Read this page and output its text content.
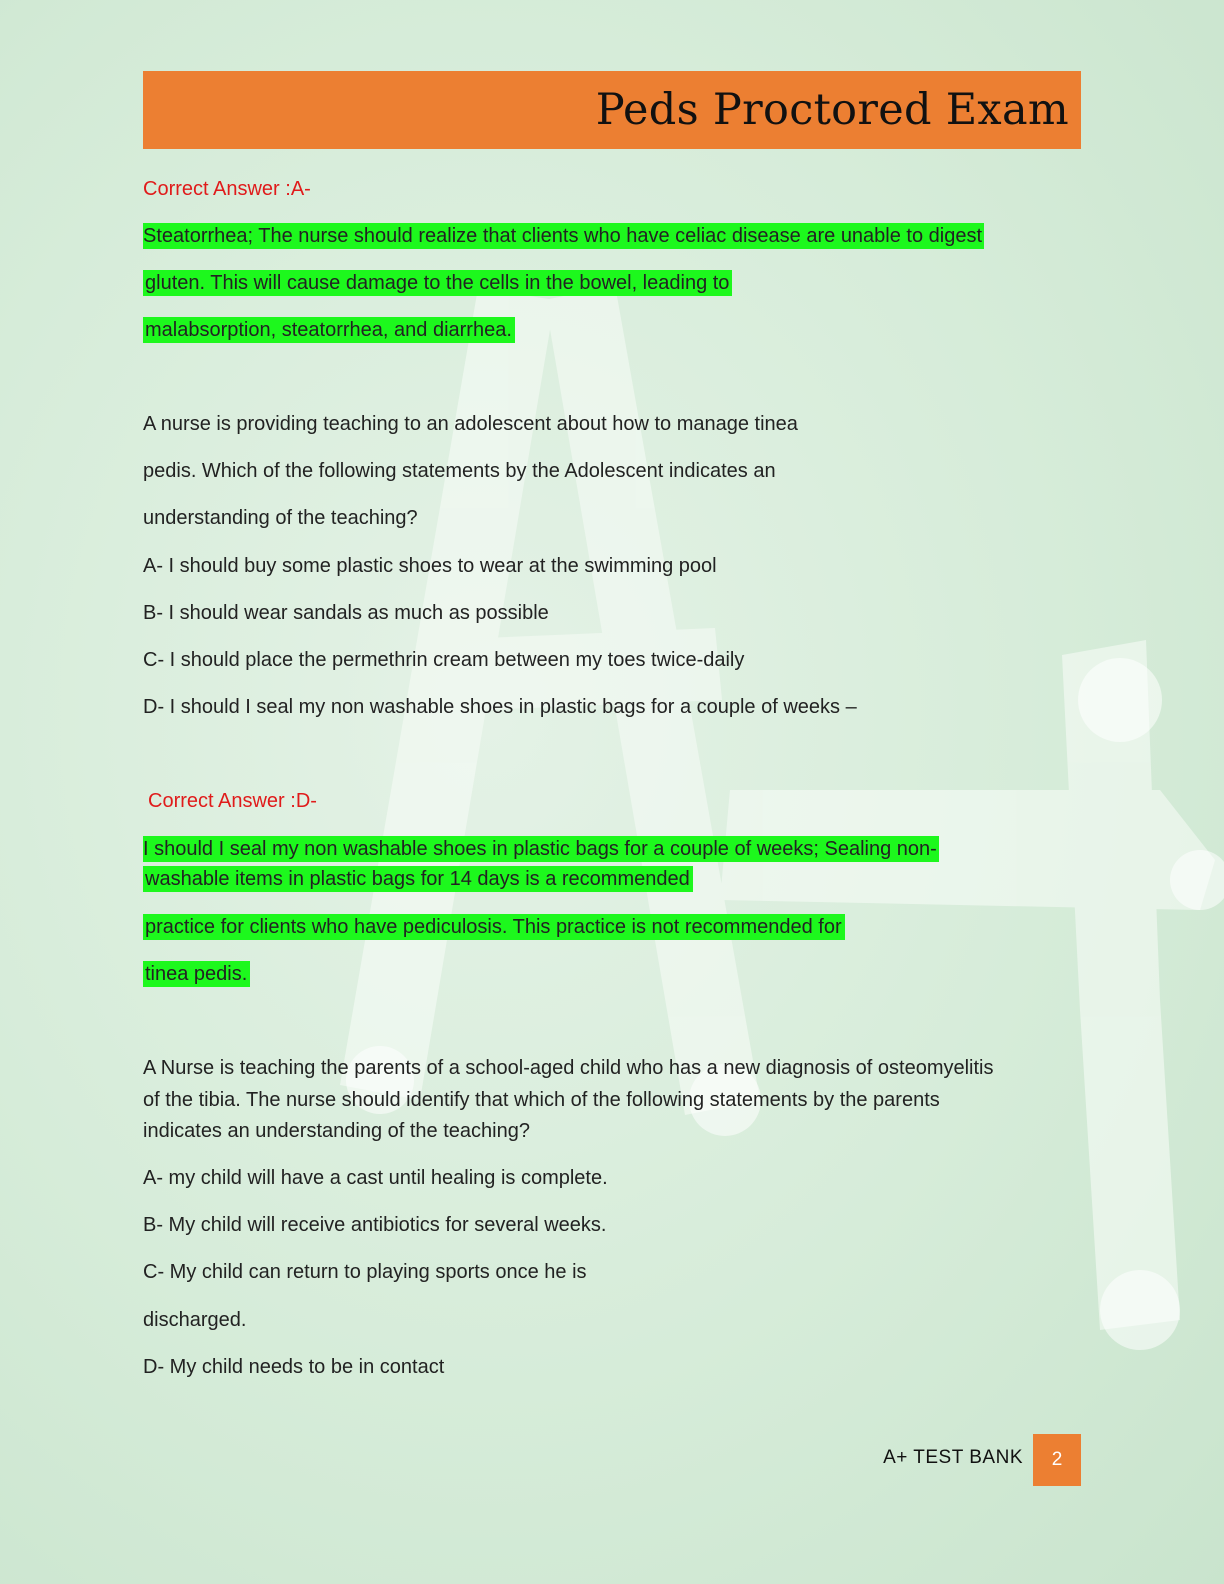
Peds Proctored Exam
Correct Answer :A-
Steatorrhea; The nurse should realize that clients who have celiac disease are unable to digest
gluten. This will cause damage to the cells in the bowel, leading to
malabsorption, steatorrhea, and diarrhea.
A nurse is providing teaching to an adolescent about how to manage tinea
pedis. Which of the following statements by the Adolescent indicates an
understanding of the teaching?
A- I should buy some plastic shoes to wear at the swimming pool
B- I should wear sandals as much as possible
C- I should place the permethrin cream between my toes twice-daily
D- I should I seal my non washable shoes in plastic bags for a couple of weeks –
Correct Answer :D-
I should I seal my non washable shoes in plastic bags for a couple of weeks; Sealing non-
washable items in plastic bags for 14 days is a recommended
practice for clients who have pediculosis. This practice is not recommended for
tinea pedis.
A Nurse is teaching the parents of a school-aged child who has a new diagnosis of osteomyelitis
of the tibia. The nurse should identify that which of the following statements by the parents
indicates an understanding of the teaching?
A- my child will have a cast until healing is complete.
B- My child will receive antibiotics for several weeks.
C- My child can return to playing sports once he is
discharged.
D- My child needs to be in contact
A+ TEST BANK	2
